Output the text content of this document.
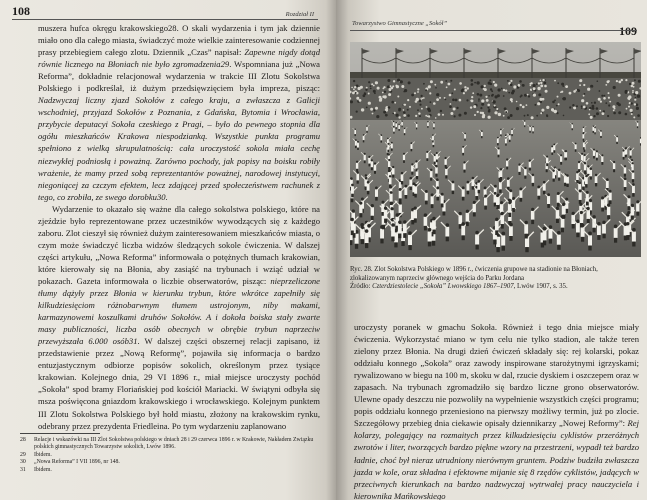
108	Rozdział II

muszera hufca okręgu krakowskiego28. O skali wydarzenia i tym jak dziennie miało ono dla całego miasta, świadczyć może wielkie zainteresowanie codziennej prasy przebiegiem całego zlotu. Dziennik „Czas” napisał: Zapewne nigdy dotąd równie licznego na Błoniach nie było zgromadzenia29. Wspomniana już „Nowa Reforma”, dokładnie relacjonował wydarzenia w trakcie III Zlotu Sokolstwa Polskiego i podkreślał, iż dużym przedsięwzięciem była impreza, pisząc: Nadzwyczaj liczny zjazd Sokołów z całego kraju, a zwłaszcza z Galicji wschodniej, przyjazd Sokołów z Poznania, z Gdańska, Bytomia i Wrocławia, przybycie deputacyi Sokoła czeskiego z Pragi, – było do pewnego stopnia dla ogółu mieszkańców Krakowa niespodzianką. Wszystkie punkta programu spełniono z wielką skrupulatnością: cała uroczystość sokola miała cechę niezwykłej podniosłą i poważną. Zarówno pochody, jak popisy na boisku robiły wrażenie, że mamy przed sobą reprezentantów poważnej, narodowej instytucyi, niegoniącej za czczym efektem, lecz zdającej przed społeczeństwem rachunek z tego, co zrobiła, ze swego dorobku30.

Wydarzenie to okazało się ważne dla całego sokolstwa polskiego, które na zjeździe było reprezentowane przez uczestników wywodzących się z każdego zaboru. Zlot cieszył się również dużym zainteresowaniem mieszkańców miasta, o czym może świadczyć liczba widzów śledzących sokole ćwiczenia. W dalszej części artykułu, „Nowa Reforma” informowała o potężnych tłumach krakowian, które kierowały się na Błonia, aby zasiąść na trybunach i wziąć udział w pokazach. Gazeta informowała o liczbie obserwatorów, pisząc: nieprzeliczone tłumy dążyły przez Błonia w kierunku trybun, które wkrótce zapełniły się kilkudziesięciom różnobarwnym tłumem ustrojonym, niby makami, karmazynowemi koszulkami druhów Sokołów. A i dokoła boiska stały zwarte masy publiczności, liczba osób obecnych w obrębie trybun naprzeciw przewyższała 6.000 osób31. W dalszej części obszernej relacji zapisano, iż przedstawienie przez „Nową Reformę”, pojawiła się informacja o bardzo entuzjastycznym odbiorze popisów sokolich, określonym przez tysiące krakowian. Kolejnego dnia, 29 VI 1896 r., miał miejsce uroczysty pochód „Sokoła” spod bramy Floriańskiej pod kościół Mariacki. W świątyni odbyła się msza poświęcona gniazdom krakowskiego i wrocławskiego. Kolejnym punktem III Zlotu Sokolstwa Polskiego był hołd miastu, złożony na krakowskim rynku, odebrany przez prezydenta Friedleina. Po tym wydarzeniu zaplanowano

28	Relacje i wskazówki na III Zlot Sokolstwa polskiego w dniach 28 i 29 czerwca 1896 r. w Krakowie, Nakładem Związku polskich gimnastycznych Towarzystw sokolich, Lwów 1896.
29	Ibidem.
30	„Nowa Reforma” I VII 1896, nr 148.
31	Ibidem.
Towarzystwo Gimnastyczne „Sokół”
109

Ryc. 28. Zlot Sokolstwa Polskiego w 1896 r., ćwiczenia grupowe na stadionie na Błoniach, zlokalizowanym naprzeciw głównego wejścia do Parku Jordana
Źródło: Czterdziestolecie „Sokoła” Lwowskiego 1867–1907, Lwów 1907, s. 35.

uroczysty poranek w gmachu Sokoła. Również i tego dnia miejsce miały ćwiczenia. Wykorzystać miano w tym celu nie tylko stadion, ale także teren zielony przez Błonia. Na drugi dzień ćwiczeń składały się: rej kolarski, pokaz oddziału konnego „Sokoła” oraz zawody inspirowane starożytnymi igrzyskami; rywalizowano w biegu na 100 m, skoku w dal, rzucie dyskiem i oszczepem oraz w zapasach. Na trybunach zgromadziło się bardzo liczne grono obserwatorów. Ulewne opady deszczu nie pozwoliły na wypełnienie wszystkich części programu; popis oddziału konnego przeniesiono na pierwszy możliwy termin, już po zlocie. Szczegółowy przebieg dnia ciekawie opisały dziennikarzy „Nowej Reformy”: Rej kolarzy, polegający na rozmaitych przez kilkudziesięciu cyklistów przeróżnych zwrotów i liter, tworzących bardzo piękne wzory na przestrzeni, wypadł też bardzo ładnie, choć był nieraz utrudniony nierównym gruntem. Podziw budziła zwłaszcza jazda w kole, oraz składna i efektowne mijanie się 8 rzędów cyklistów, jadących w przeciwnych kierunkach na bardzo nadzwyczaj wytrwałej pracy nauczyciela i kierownika Mańkowskiego
